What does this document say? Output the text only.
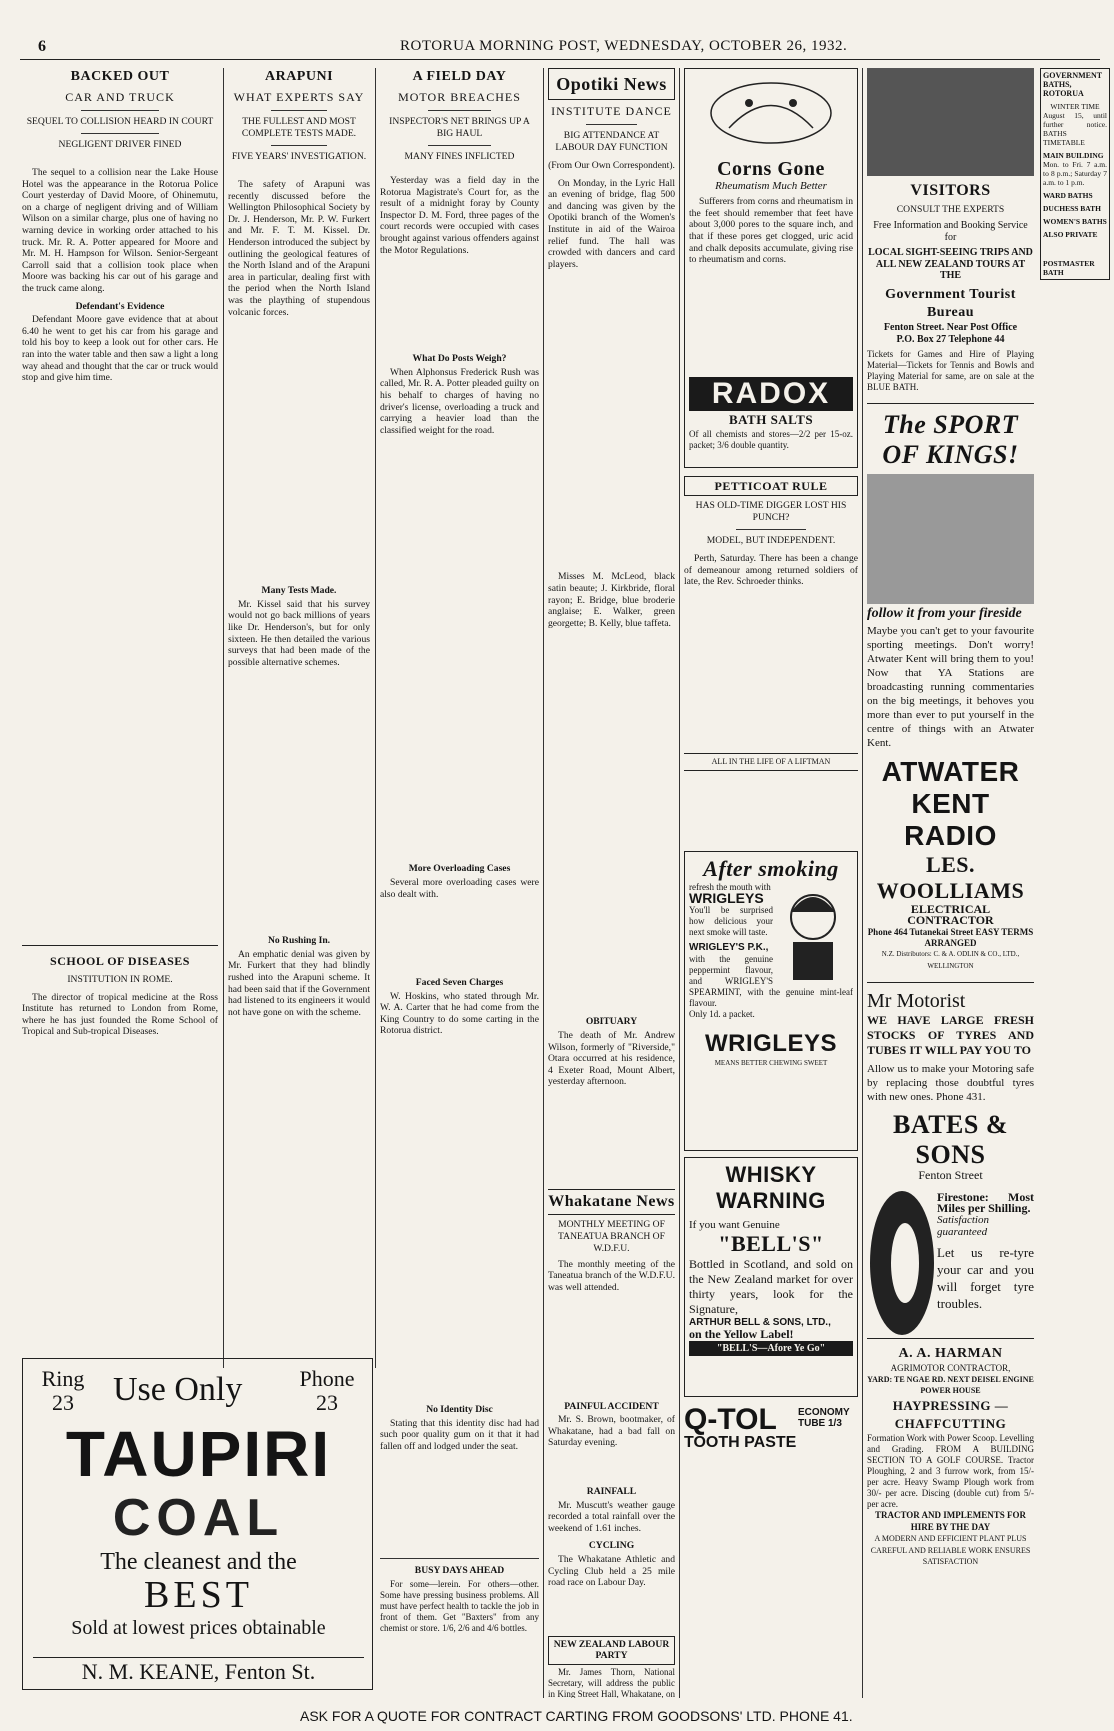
6	ROTORUA MORNING POST, WEDNESDAY, OCTOBER 26, 1932.
BACKED OUT
CAR AND TRUCK
SEQUEL TO COLLISION HEARD IN COURT
NEGLIGENT DRIVER FINED

The sequel to a collision near the Lake House Hotel was the appearance in the Rotorua Police Court yesterday of David Moore, of Ohinemutu, on a charge of negligent driving and of William Wilson on a similar charge, plus one of having no warning device in working order attached to his truck. Mr. R. A. Potter appeared for Moore and Mr. M. H. Hampson for Wilson. Senior-Sergeant Carroll said that a collision took place when Moore was backing his car out of his garage and the truck came along.

Defendant's Evidence

Defendant Moore gave evidence that at about 6.40 he went to get his car from his garage and told his boy to keep a look out for other cars. He ran into the water table and then saw a light a long way ahead and thought that the car or truck would stop and give him time.

SCHOOL OF DISEASES
INSTITUTION IN ROME.

The director of tropical medicine at the Ross Institute has returned to London from Rome, where he has just founded the Rome School of Tropical and Sub-tropical Diseases.

ARAPUNI
WHAT EXPERTS SAY
THE FULLEST AND MOST COMPLETE TESTS MADE.
FIVE YEARS' INVESTIGATION.

The safety of Arapuni was recently discussed before the Wellington Philosophical Society by Dr. J. Henderson, Mr. P. W. Furkert and Mr. F. T. M. Kissel. Dr. Henderson introduced the subject by outlining the geological features of the North Island and of the Arapuni area in particular, dealing first with the period when the North Island was the plaything of stupendous volcanic forces.

Many Tests Made.

Mr. Kissel said that his survey would not go back millions of years like Dr. Henderson's, but for only sixteen. He then detailed the various surveys that had been made of the possible alternative schemes.

No Rushing In.

An emphatic denial was given by Mr. Furkert that they had blindly rushed into the Arapuni scheme. It had been said that if the Government had listened to its engineers it would not have gone on with the scheme.

A FIELD DAY
MOTOR BREACHES
INSPECTOR'S NET BRINGS UP A BIG HAUL
MANY FINES INFLICTED

Yesterday was a field day in the Rotorua Magistrate's Court for, as the result of a midnight foray by County Inspector D. M. Ford, three pages of the court records were occupied with cases brought against various offenders against the Motor Regulations.

What Do Posts Weigh?

When Alphonsus Frederick Rush was called, Mr. R. A. Potter pleaded guilty on his behalf to charges of having no driver's license, overloading a truck and carrying a heavier load than the classified weight for the road.

More Overloading Cases

Several more overloading cases were also dealt with.

Faced Seven Charges

W. Hoskins, who stated through Mr. W. A. Carter that he had come from the King Country to do some carting in the Rotorua district.

No Identity Disc

Stating that this identity disc had had such poor quality gum on it that it had fallen off and lodged under the seat.

BUSY DAYS AHEAD

For some—lerein. For others—other. Some have pressing business problems. All must have perfect health to tackle the job in front of them. Get "Baxters" from any chemist or store. 1/6, 2/6 and 4/6 bottles.

Opotiki News
INSTITUTE DANCE
BIG ATTENDANCE AT LABOUR DAY FUNCTION
(From Our Own Correspondent).

On Monday, in the Lyric Hall an evening of bridge, flag 500 and dancing was given by the Opotiki branch of the Women's Institute in aid of the Wairoa relief fund. The hall was crowded with dancers and card players.

Misses M. McLeod, black satin beaute; J. Kirkbride, floral rayon; E. Bridge, blue broderie anglaise; E. Walker, green georgette; B. Kelly, blue taffeta.

OBITUARY

The death of Mr. Andrew Wilson, formerly of "Riverside," Otara occurred at his residence, 4 Exeter Road, Mount Albert, yesterday afternoon.

Whakatane News
MONTHLY MEETING OF TANEATUA BRANCH OF W.D.F.U.

The monthly meeting of the Taneatua branch of the W.D.F.U. was well attended.

PAINFUL ACCIDENT

Mr. S. Brown, bootmaker, of Whakatane, had a bad fall on Saturday evening.

RAINFALL

Mr. Muscutt's weather gauge recorded a total rainfall over the weekend of 1.61 inches.

CYCLING

The Whakatane Athletic and Cycling Club held a 25 mile road race on Labour Day.

NEW ZEALAND LABOUR PARTY

Mr. James Thorn, National Secretary, will address the public in King Street Hall, Whakatane, on

Corns Gone
Rheumatism Much Better

Sufferers from corns and rheumatism in the feet should remember that feet have about 3,000 pores to the square inch, and that if these pores get clogged, uric acid and chalk deposits accumulate, giving rise to rheumatism and corns.

RADOX
BATH SALTS

Of all chemists and stores—2/2 per 15-oz. packet; 3/6 double quantity.

PETTICOAT RULE
HAS OLD-TIME DIGGER LOST HIS PUNCH?
MODEL, BUT INDEPENDENT.

Perth, Saturday. There has been a change of demeanour among returned soldiers of late, the Rev. Schroeder thinks.

ALL IN THE LIFE OF A LIFTMAN
After smoking
refresh the mouth with
WRIGLEYS

You'll be surprised how delicious your next smoke will taste.

WRIGLEY'S P.K.,

with the genuine peppermint flavour, and WRIGLEY'S SPEARMINT, with the genuine mint-leaf flavour.

Only 1d. a packet.
WRIGLEYS
MEANS BETTER CHEWING SWEET
WHISKY
WARNING
If you want Genuine
"BELL'S"

Bottled in Scotland, and sold on the New Zealand market for over thirty years, look for the Signature,

ARTHUR BELL & SONS, LTD.,
on the Yellow Label!
"BELL'S—Afore Ye Go"
Q-TOL
TOOTH PASTE
ECONOMY TUBE 1/3
VISITORS
CONSULT THE EXPERTS
Free Information and Booking Service for
LOCAL SIGHT-SEEING TRIPS AND ALL NEW ZEALAND TOURS AT THE
Government Tourist Bureau
Fenton Street. Near Post Office
P.O. Box 27 Telephone 44

Tickets for Games and Hire of Playing Material—Tickets for Tennis and Bowls and Playing Material for same, are on sale at the BLUE BATH.

The SPORT OF KINGS!
follow it from your fireside

Maybe you can't get to your favourite sporting meetings. Don't worry! Atwater Kent will bring them to you! Now that YA Stations are broadcasting running commentaries on the big meetings, it behoves you more than ever to put yourself in the centre of things with an Atwater Kent.

ATWATER KENT RADIO
LES. WOOLLIAMS
ELECTRICAL CONTRACTOR
Phone 464 Tutanekai Street EASY TERMS ARRANGED
N.Z. Distributors: C. & A. ODLIN & CO., LTD., WELLINGTON
Mr Motorist
WE HAVE LARGE FRESH STOCKS OF TYRES AND TUBES IT WILL PAY YOU TO

Allow us to make your Motoring safe by replacing those doubtful tyres with new ones. Phone 431.

BATES & SONS
Fenton Street
Firestone: Most Miles per Shilling.
Satisfaction guaranteed
Let us re-tyre your car and you will forget tyre troubles.
A. A. HARMAN
AGRIMOTOR CONTRACTOR,
YARD: TE NGAE RD. NEXT DEISEL ENGINE POWER HOUSE
HAYPRESSING — CHAFFCUTTING

Formation Work with Power Scoop. Levelling and Grading. FROM A BUILDING SECTION TO A GOLF COURSE. Tractor Ploughing, 2 and 3 furrow work, from 15/- per acre. Heavy Swamp Plough work from 30/- per acre. Discing (double cut) from 5/- per acre.

TRACTOR AND IMPLEMENTS FOR HIRE BY THE DAY
A MODERN AND EFFICIENT PLANT PLUS CAREFUL AND RELIABLE WORK ENSURES SATISFACTION
GOVERNMENT BATHS, ROTORUA
WINTER TIME
August 15, until further notice. BATHS TIMETABLE
MAIN BUILDING
Mon. to Fri. 7 a.m. to 8 p.m.; Saturday 7 a.m. to 1 p.m.
WARD BATHS
DUCHESS BATH
WOMEN'S BATHS
ALSO PRIVATE
POSTMASTER BATH
Ring 23	Use Only	Phone 23
TAUPIRI
COAL
The cleanest and the
BEST
Sold at lowest prices obtainable
N. M. KEANE, Fenton St.
ASK FOR A QUOTE FOR CONTRACT CARTING FROM GOODSONS' LTD. PHONE 41.
